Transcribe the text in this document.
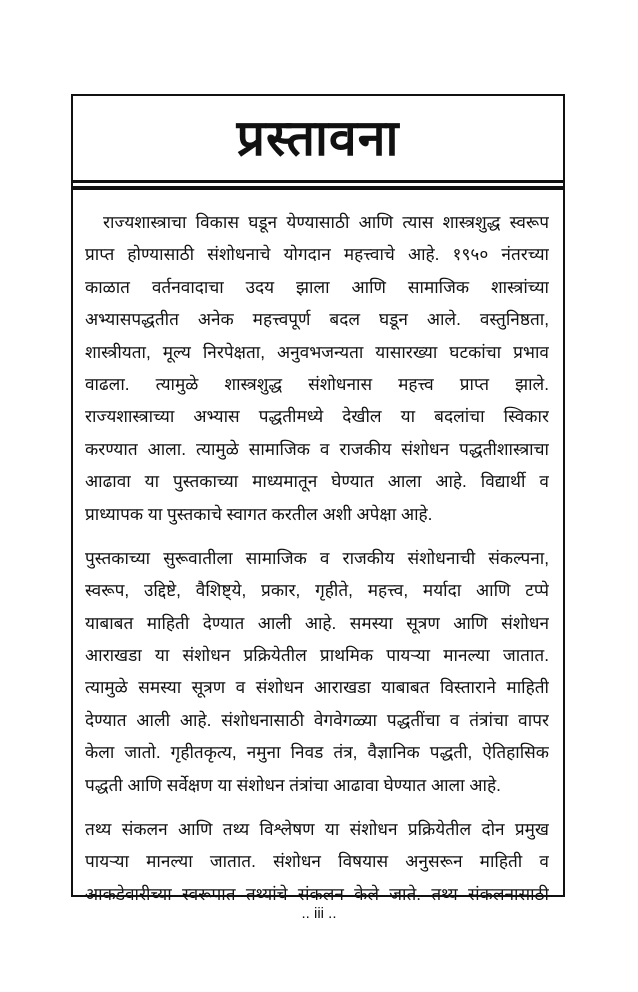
प्रस्तावना
राज्यशास्त्राचा विकास घडून येण्यासाठी आणि त्यास शास्त्रशुद्ध स्वरूप
प्राप्त होण्यासाठी संशोधनाचे योगदान महत्त्वाचे आहे. १९५० नंतरच्या
काळात वर्तनवादाचा उदय झाला आणि सामाजिक शास्त्रांच्या
अभ्यासपद्धतीत अनेक महत्त्वपूर्ण बदल घडून आले. वस्तुनिष्ठता,
शास्त्रीयता, मूल्य निरपेक्षता, अनुवभजन्यता यासारख्या घटकांचा प्रभाव
वाढला. त्यामुळे शास्त्रशुद्ध संशोधनास महत्त्व प्राप्त झाले.
राज्यशास्त्राच्या अभ्यास पद्धतीमध्ये देखील या बदलांचा स्विकार
करण्यात आला. त्यामुळे सामाजिक व राजकीय संशोधन पद्धतीशास्त्राचा
आढावा या पुस्तकाच्या माध्यमातून घेण्यात आला आहे. विद्यार्थी व
प्राध्यापक या पुस्तकाचे स्वागत करतील अशी अपेक्षा आहे.
पुस्तकाच्या सुरूवातीला सामाजिक व राजकीय संशोधनाची संकल्पना,
स्वरूप, उद्दिष्टे, वैशिष्ट्ये, प्रकार, गृहीते, महत्त्व, मर्यादा आणि टप्पे
याबाबत माहिती देण्यात आली आहे. समस्या सूत्रण आणि संशोधन
आराखडा या संशोधन प्रक्रियेतील प्राथमिक पायऱ्या मानल्या जातात.
त्यामुळे समस्या सूत्रण व संशोधन आराखडा याबाबत विस्ताराने माहिती
देण्यात आली आहे. संशोधनासाठी वेगवेगळ्या पद्धतींचा व तंत्रांचा वापर
केला जातो. गृहीतकृत्य, नमुना निवड तंत्र, वैज्ञानिक पद्धती, ऐतिहासिक
पद्धती आणि सर्वेक्षण या संशोधन तंत्रांचा आढावा घेण्यात आला आहे.
तथ्य संकलन आणि तथ्य विश्लेषण या संशोधन प्रक्रियेतील दोन प्रमुख
पायऱ्या मानल्या जातात. संशोधन विषयास अनुसरून माहिती व
आकडेवारीच्या स्वरूपात तथ्यांचे संकलन केले जाते. तथ्य संकलनासाठी
.. iii ..
